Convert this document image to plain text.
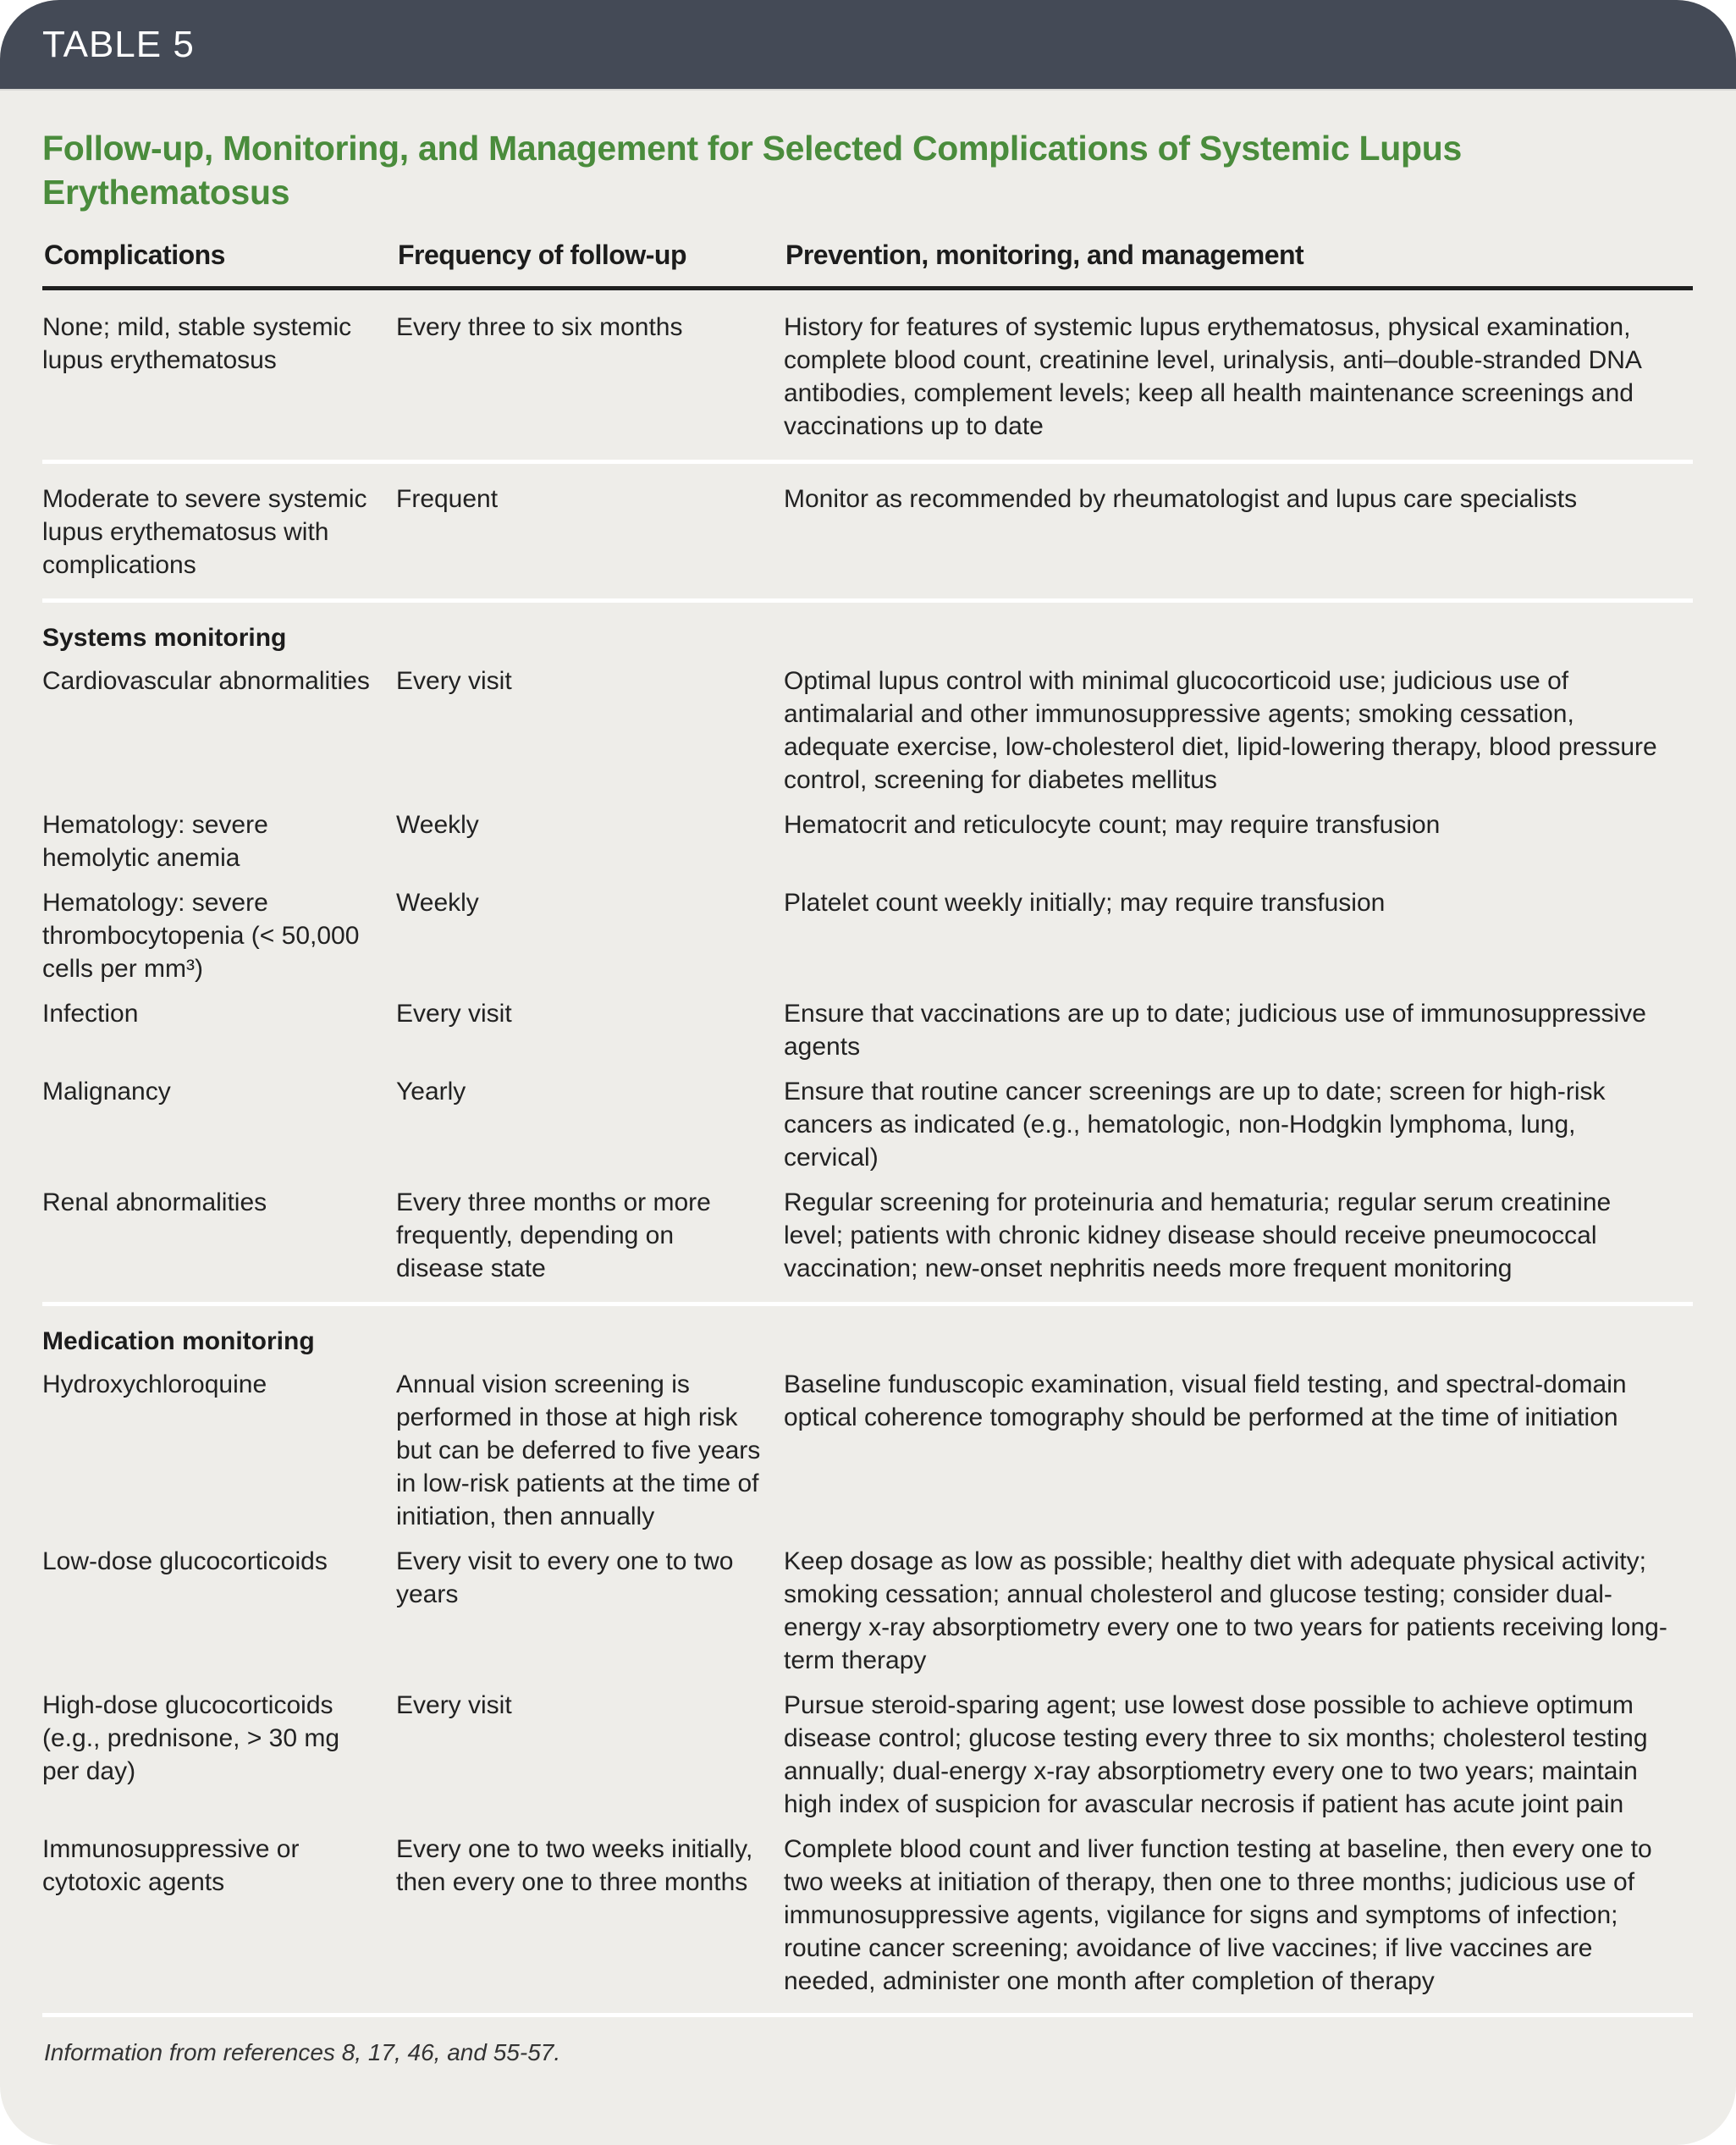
TABLE 5
Follow-up, Monitoring, and Management for Selected Complications of Systemic Lupus Erythematosus
Complications	Frequency of follow-up	Prevention, monitoring, and management
None; mild, stable systemic lupus erythematosus	Every three to six months	History for features of systemic lupus erythematosus, physical examination, complete blood count, creatinine level, urinalysis, anti–double-stranded DNA antibodies, complement levels; keep all health maintenance screenings and vaccinations up to date
Moderate to severe systemic lupus erythematosus with complications	Frequent	Monitor as recommended by rheumatologist and lupus care specialists
Systems monitoring		
Cardiovascular abnormalities	Every visit	Optimal lupus control with minimal glucocorticoid use; judicious use of antimalarial and other immunosuppressive agents; smoking cessation, adequate exercise, low-cholesterol diet, lipid-lowering therapy, blood pressure control, screening for diabetes mellitus
Hematology: severe hemolytic anemia	Weekly	Hematocrit and reticulocyte count; may require transfusion
Hematology: severe thrombocytopenia (< 50,000 cells per mm³)	Weekly	Platelet count weekly initially; may require transfusion
Infection	Every visit	Ensure that vaccinations are up to date; judicious use of immunosuppressive agents
Malignancy	Yearly	Ensure that routine cancer screenings are up to date; screen for high-risk cancers as indicated (e.g., hematologic, non-Hodgkin lymphoma, lung, cervical)
Renal abnormalities	Every three months or more frequently, depending on disease state	Regular screening for proteinuria and hematuria; regular serum creatinine level; patients with chronic kidney disease should receive pneumococcal vaccination; new-onset nephritis needs more frequent monitoring
Medication monitoring		
Hydroxychloroquine	Annual vision screening is performed in those at high risk but can be deferred to five years in low-risk patients at the time of initiation, then annually	Baseline funduscopic examination, visual field testing, and spectral-domain optical coherence tomography should be performed at the time of initiation
Low-dose glucocorticoids	Every visit to every one to two years	Keep dosage as low as possible; healthy diet with adequate physical activity; smoking cessation; annual cholesterol and glucose testing; consider dual-energy x-ray absorptiometry every one to two years for patients receiving long-term therapy
High-dose glucocorticoids (e.g., prednisone, > 30 mg per day)	Every visit	Pursue steroid-sparing agent; use lowest dose possible to achieve optimum disease control; glucose testing every three to six months; cholesterol testing annually; dual-energy x-ray absorptiometry every one to two years; maintain high index of suspicion for avascular necrosis if patient has acute joint pain
Immunosuppressive or cytotoxic agents	Every one to two weeks initially, then every one to three months	Complete blood count and liver function testing at baseline, then every one to two weeks at initiation of therapy, then one to three months; judicious use of immunosuppressive agents, vigilance for signs and symptoms of infection; routine cancer screening; avoidance of live vaccines; if live vaccines are needed, administer one month after completion of therapy
Information from references 8, 17, 46, and 55-57.
